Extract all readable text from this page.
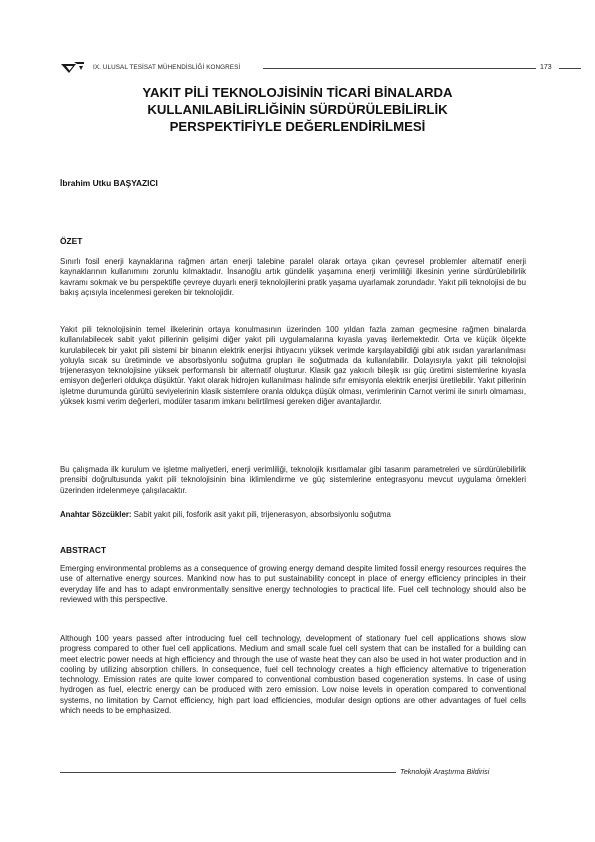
IX. ULUSAL TESİSAT MÜHENDİSLİĞİ KONGRESİ	173
YAKIT PİLİ TEKNOLOJİSİNİN TİCARİ BİNALARDA
KULLANILABİLİRLİĞİNİN SÜRDÜRÜLEBİLİRLİK
PERSPEKTİFİYLE DEĞERLENDİRİLMESİ
İbrahim Utku BAŞYAZICI
ÖZET

Sınırlı fosil enerji kaynaklarına rağmen artan enerji talebine paralel olarak ortaya çıkan çevresel problemler alternatif enerji kaynaklarının kullanımını zorunlu kılmaktadır. İnsanoğlu artık gündelik yaşamına enerji verimliliği ilkesinin yerine sürdürülebilirlik kavramı sokmak ve bu perspektifle çevreye duyarlı enerji teknolojilerini pratik yaşama uyarlamak zorundadır. Yakıt pili teknolojisi de bu bakış açısıyla incelenmesi gereken bir teknolojidir.

Yakıt pili teknolojisinin temel ilkelerinin ortaya konulmasının üzerinden 100 yıldan fazla zaman geçmesine rağmen binalarda kullanılabilecek sabit yakıt pillerinin gelişimi diğer yakıt pili uygulamalarına kıyasla yavaş ilerlemektedir. Orta ve küçük ölçekte kurulabilecek bir yakıt pili sistemi bir binanın elektrik enerjisi ihtiyacını yüksek verimde karşılayabildiği gibi atık ısıdan yararlanılması yoluyla sıcak su üretiminde ve absorbsiyonlu soğutma grupları ile soğutmada da kullanılabilir. Dolayısıyla yakıt pili teknolojisi trijenerasyon teknolojisine yüksek performanslı bir alternatif oluşturur. Klasik gaz yakıcılı bileşik ısı güç üretimi sistemlerine kıyasla emisyon değerleri oldukça düşüktür. Yakıt olarak hidrojen kullanılması halinde sıfır emisyonla elektrik enerjisi üretilebilir. Yakıt pillerinin işletme durumunda gürültü seviyelerinin klasik sistemlere oranla oldukça düşük olması, verimlerinin Carnot verimi ile sınırlı olmaması, yüksek kısmi verim değerleri, modüler tasarım imkanı belirtilmesi gereken diğer avantajlardır.

Bu çalışmada ilk kurulum ve işletme maliyetleri, enerji verimliliği, teknolojik kısıtlamalar gibi tasarım parametreleri ve sürdürülebilirlik prensibi doğrultusunda yakıt pili teknolojisinin bina iklimlendirme ve güç sistemlerine entegrasyonu mevcut uygulama örnekleri üzerinden irdelenmeye çalışılacaktır.

Anahtar Sözcükler: Sabit yakıt pili, fosforik asit yakıt pili, trijenerasyon, absorbsiyonlu soğutma
ABSTRACT

Emerging environmental problems as a consequence of growing energy demand despite limited fossil energy resources requires the use of alternative energy sources. Mankind now has to put sustainability concept in place of energy efficiency principles in their everyday life and has to adapt environmentally sensitive energy technologies to practical life. Fuel cell technology should also be reviewed with this perspective.

Although 100 years passed after introducing fuel cell technology, development of stationary fuel cell applications shows slow progress compared to other fuel cell applications. Medium and small scale fuel cell system that can be installed for a building can meet electric power needs at high efficiency and through the use of waste heat they can also be used in hot water production and in cooling by utilizing absorption chillers. In consequence, fuel cell technology creates a high efficiency alternative to trigeneration technology. Emission rates are quite lower compared to conventional combustion based cogeneration systems. In case of using hydrogen as fuel, electric energy can be produced with zero emission. Low noise levels in operation compared to conventional systems, no limitation by Carnot efficiency, high part load efficiencies, modular design options are other advantages of fuel cells which needs to be emphasized.

Teknolojik Araştırma Bildirisi
